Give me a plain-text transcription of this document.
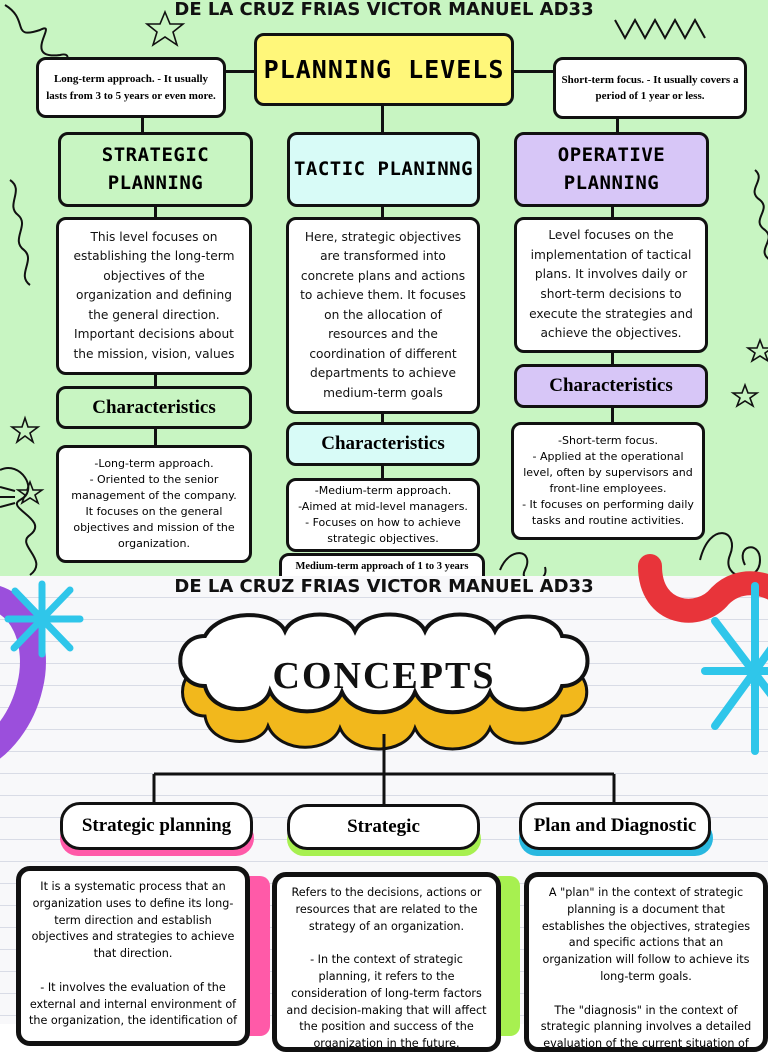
DE LA CRUZ FRIAS VICTOR MANUEL AD33
PLANNING LEVELS
Long-term approach. - It usually lasts from 3 to 5 years or even more.
Short-term focus. - It usually covers a period of 1 year or less.
STRATEGIC PLANNING
TACTIC PLANINNG
OPERATIVE PLANNING
This level focuses on establishing the long-term objectives of the organization and defining the general direction. Important decisions about the mission, vision, values
Here, strategic objectives are transformed into concrete plans and actions to achieve them. It focuses on the allocation of resources and the coordination of different departments to achieve medium-term goals
Level focuses on the implementation of tactical plans. It involves daily or short-term decisions to execute the strategies and achieve the objectives.
Characteristics
Characteristics
Characteristics
-Long-term approach.
- Oriented to the senior management of the company.
It focuses on the general objectives and mission of the organization.
-Medium-term approach.
-Aimed at mid-level managers.
- Focuses on how to achieve strategic objectives.
-Short-term focus.
- Applied at the operational level, often by supervisors and front-line employees.
- It focuses on performing daily tasks and routine activities.
Medium-term approach of 1 to 3 years
DE LA CRUZ FRIAS VICTOR MANUEL AD33
CONCEPTS
Strategic planning	Strategic	Plan and Diagnostic
It is a systematic process that an organization uses to define its long-term direction and establish objectives and strategies to achieve that direction.

- It involves the evaluation of the external and internal environment of the organization, the identification of
Refers to the decisions, actions or resources that are related to the strategy of an organization.

- In the context of strategic planning, it refers to the consideration of long-term factors and decision-making that will affect the position and success of the organization in the future.
A "plan" in the context of strategic planning is a document that establishes the objectives, strategies and specific actions that an organization will follow to achieve its long-term goals.

The "diagnosis" in the context of strategic planning involves a detailed evaluation of the current situation of
